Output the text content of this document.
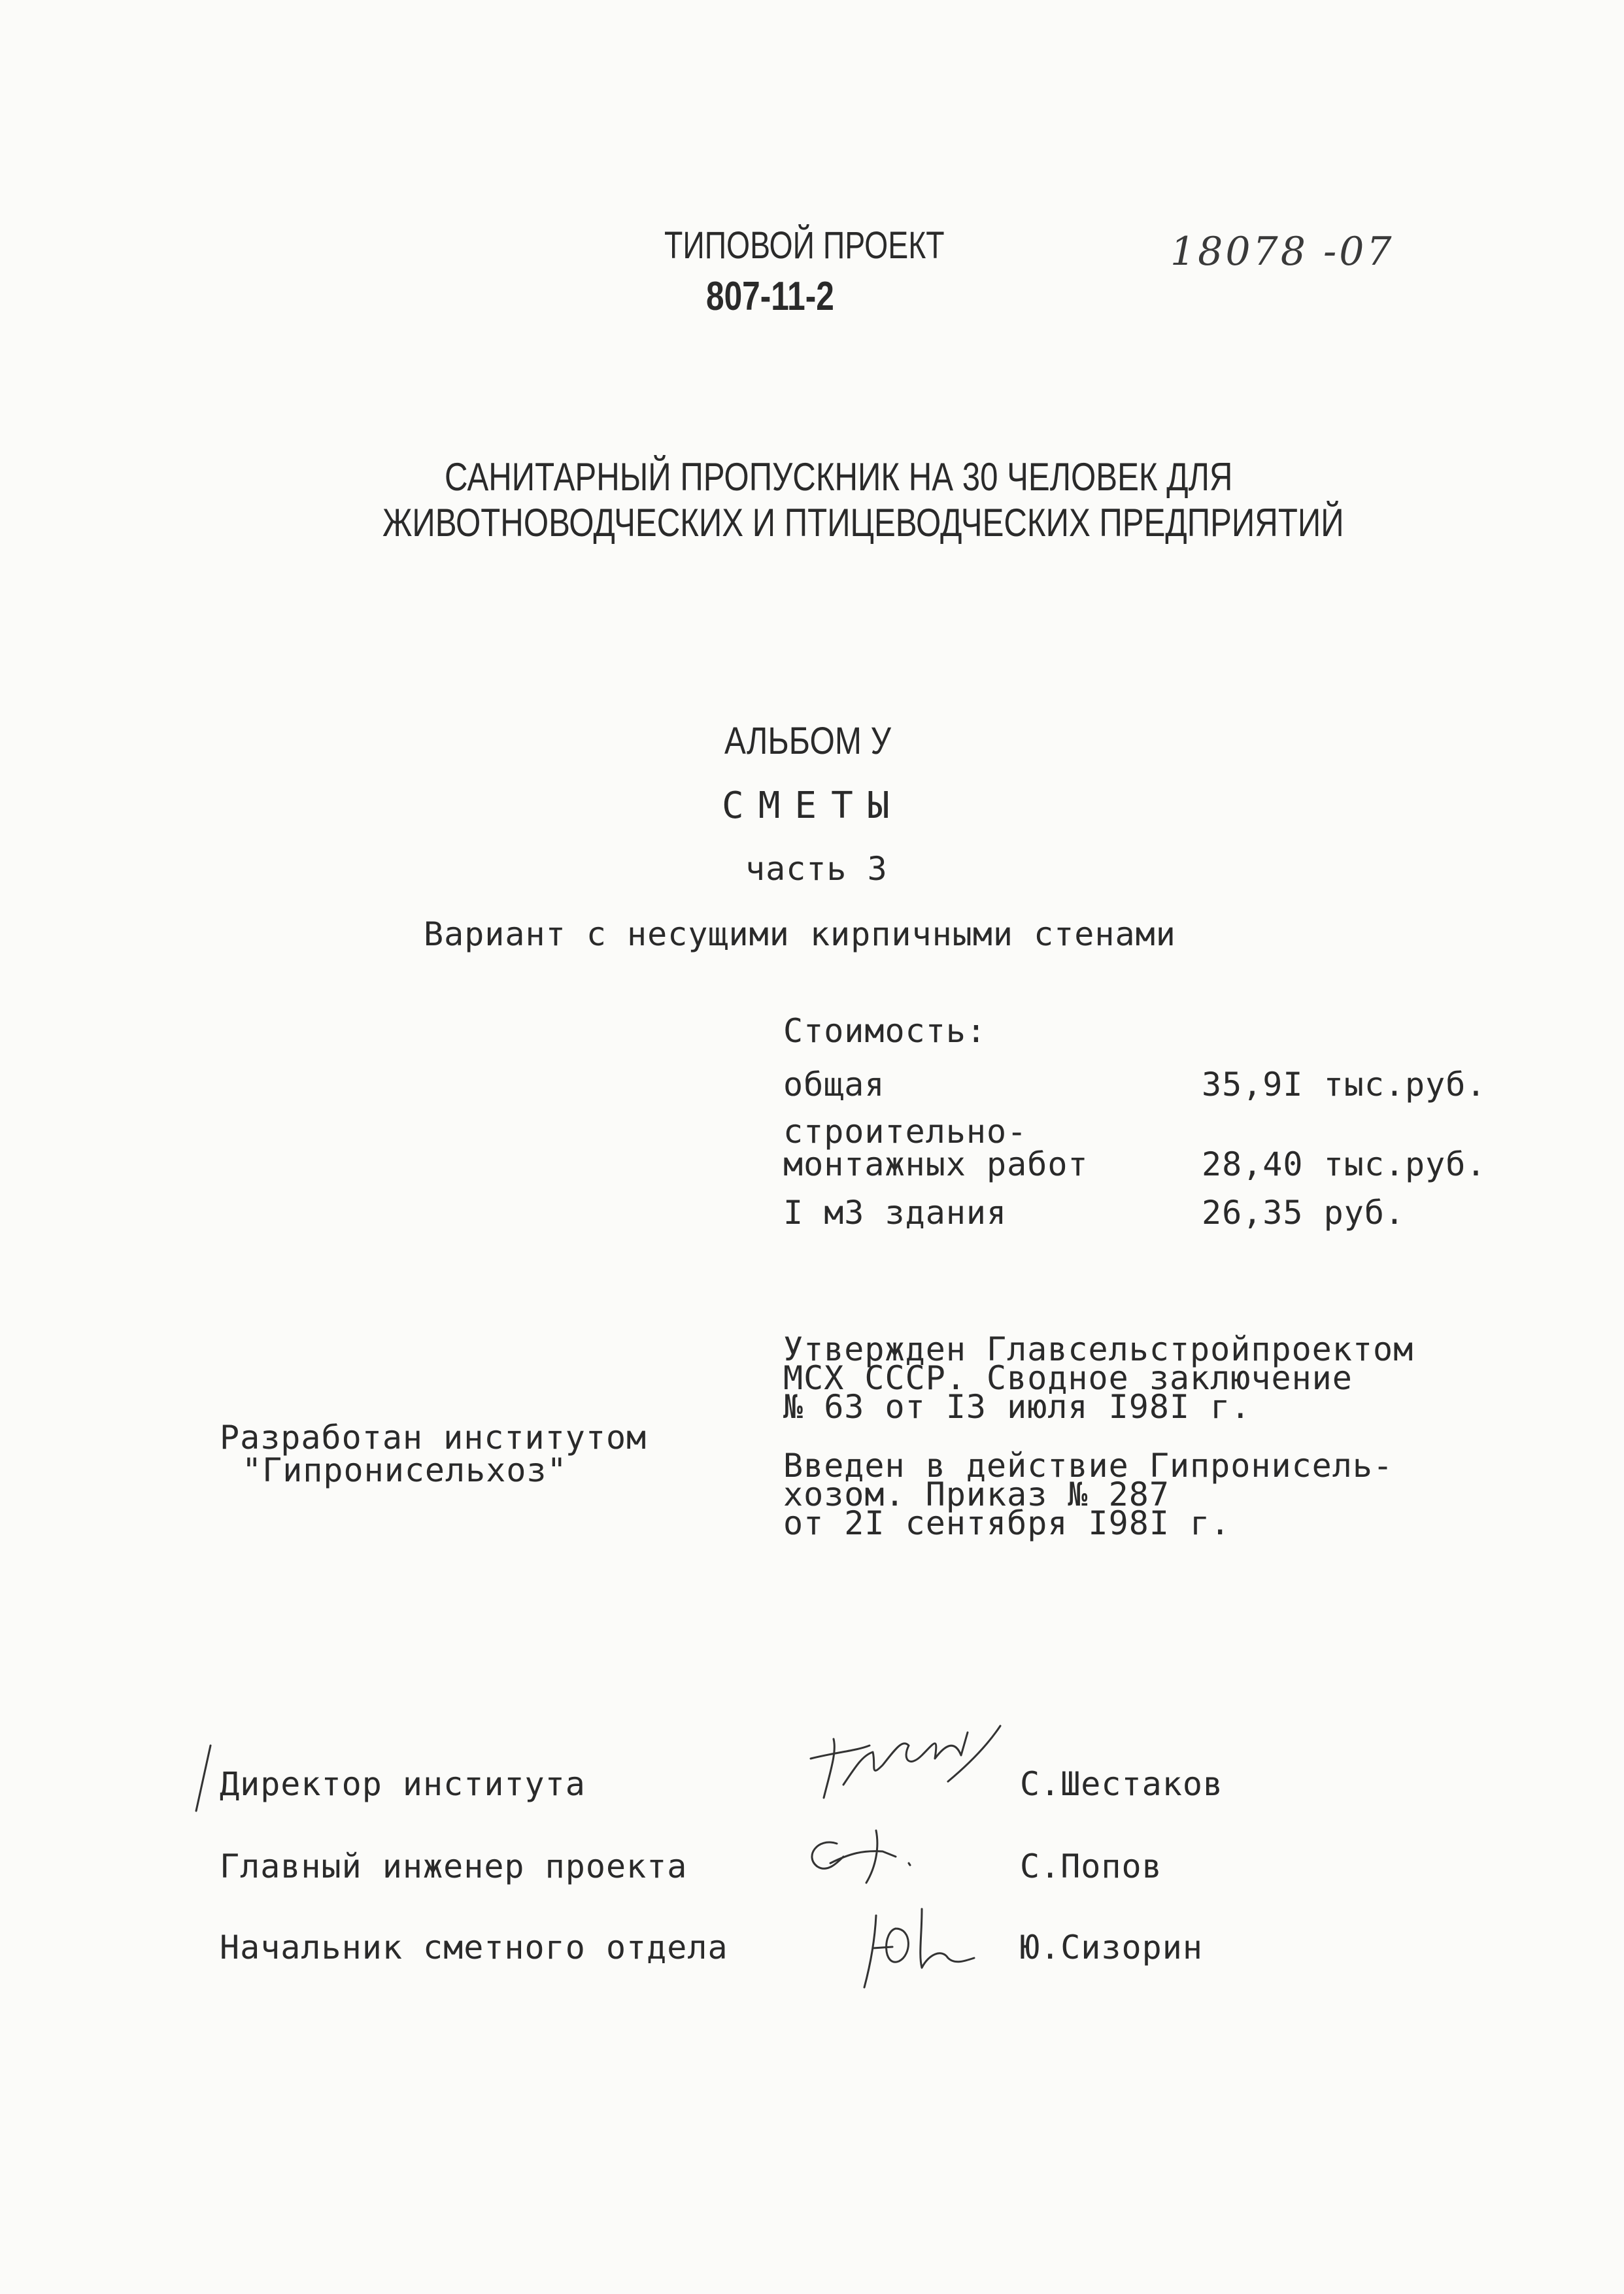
ТИПОВОЙ ПРОЕКТ
807-11-2
18078 -07
САНИТАРНЫЙ ПРОПУСКНИК НА 30 ЧЕЛОВЕК ДЛЯ
ЖИВОТНОВОДЧЕСКИХ И ПТИЦЕВОДЧЕСКИХ ПРЕДПРИЯТИЙ
АЛЬБОМ У
СМЕТЫ
часть 3
Вариант с несущими кирпичными стенами
Стоимость:
общая	35,9I тыс.руб.
строительно-
монтажных работ	28,40 тыс.руб.
I м3 здания	26,35 руб.
Разработан институтом
"Гипронисельхоз"
Утвержден Главсельстройпроектом
МСХ СССР. Сводное заключение
№ 63 от I3 июля I98I г.
Введен в действие Гипронисель-
хозом. Приказ № 287
от 2I сентября I98I г.
Директор института	С.Шестаков
Главный инженер проекта	С.Попов
Начальник сметного отдела	Ю.Сизорин
